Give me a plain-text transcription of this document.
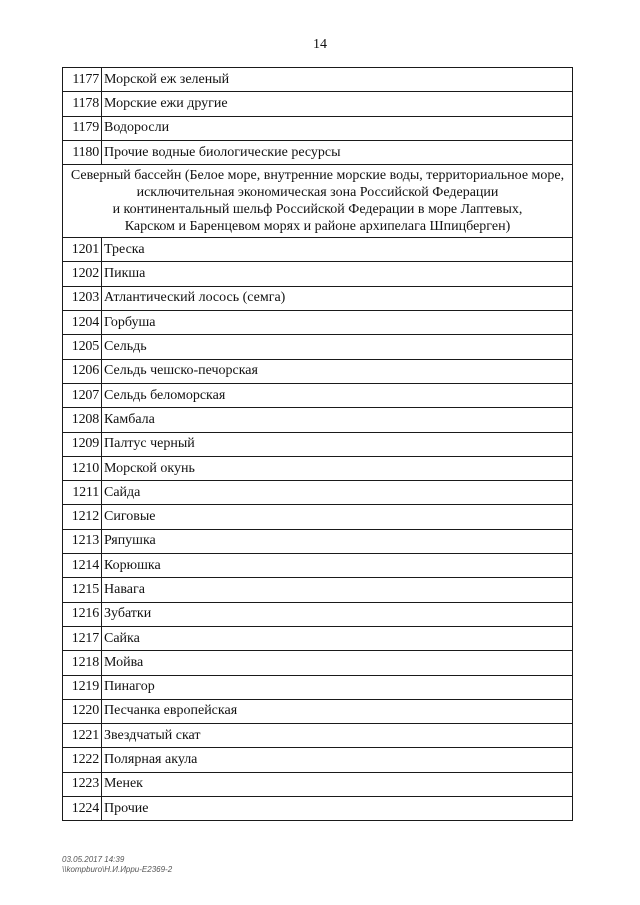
14
1177	Морской еж зеленый
1178	Морские ежи другие
1179	Водоросли
1180	Прочие водные биологические ресурсы

Северный бассейн (Белое море, внутренние морские воды, территориальное море,
исключительная экономическая зона Российской Федерации
и континентальный шельф Российской Федерации в море Лаптевых,
Карском и Баренцевом морях и районе архипелага Шпицберген)	

1201	Треска
1202	Пикша
1203	Атлантический лосось (семга)
1204	Горбуша
1205	Сельдь
1206	Сельдь чешско-печорская
1207	Сельдь беломорская
1208	Камбала
1209	Палтус черный
1210	Морской окунь
1211	Сайда
1212	Сиговые
1213	Ряпушка
1214	Корюшка
1215	Навага
1216	Зубатки
1217	Сайка
1218	Мойва
1219	Пинагор
1220	Песчанка европейская
1221	Звездчатый скат
1222	Полярная акула
1223	Менек
1224	Прочие
03.05.2017 14:39
\\kompburo\Н.И.Ирри-Е2369-2
